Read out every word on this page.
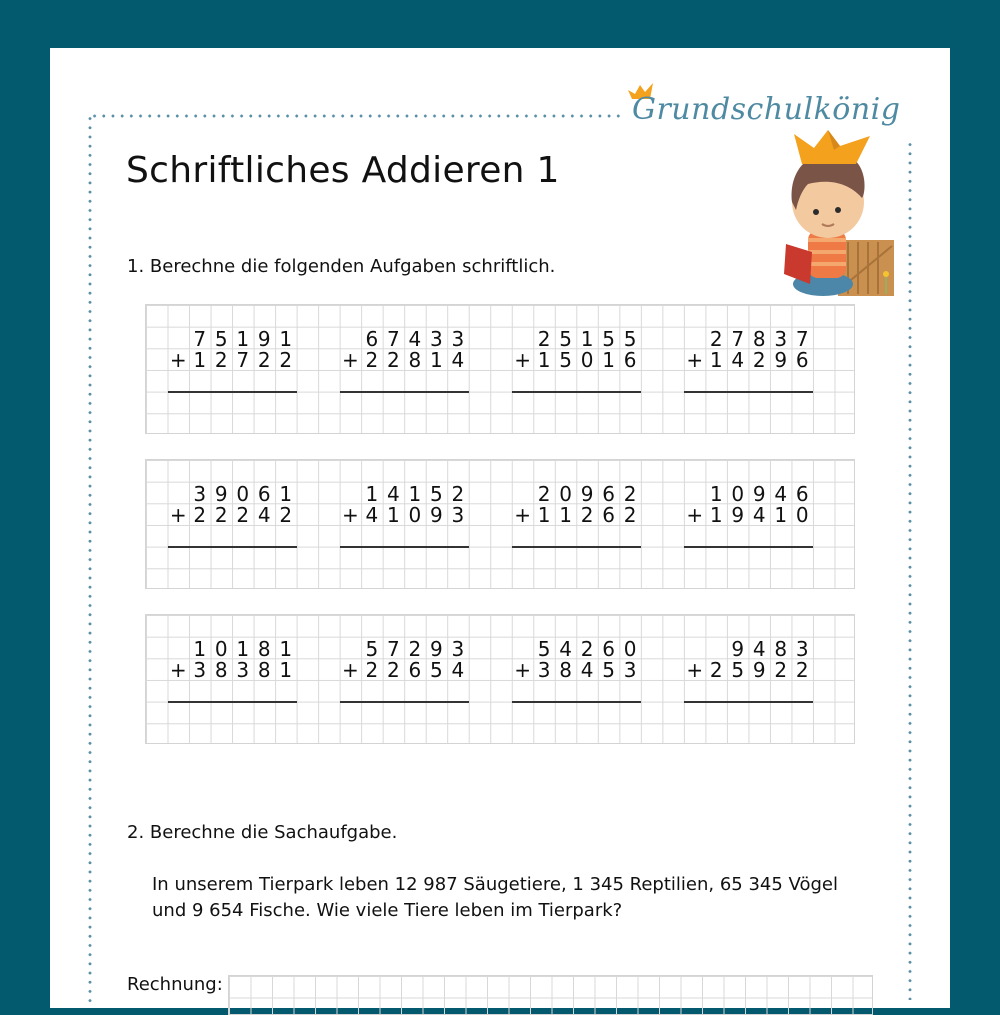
Grundschulkönig
Schriftliches Addieren 1
1. Berechne die folgenden Aufgaben schriftlich.
7 5 1 9 1
+ 1 2 7 2 2
6 7 4 3 3
+ 2 2 8 1 4
2 5 1 5 5
+ 1 5 0 1 6
2 7 8 3 7
+ 1 4 2 9 6
3 9 0 6 1
+ 2 2 2 4 2
1 4 1 5 2
+ 4 1 0 9 3
2 0 9 6 2
+ 1 1 2 6 2
1 0 9 4 6
+ 1 9 4 1 0
1 0 1 8 1
+ 3 8 3 8 1
5 7 2 9 3
+ 2 2 6 5 4
5 4 2 6 0
+ 3 8 4 5 3
9 4 8 3
+ 2 5 9 2 2
2. Berechne die Sachaufgabe.
In unserem Tierpark leben 12 987 Säugetiere, 1 345 Reptilien, 65 345 Vögel
und 9 654 Fische. Wie viele Tiere leben im Tierpark?
Rechnung:
